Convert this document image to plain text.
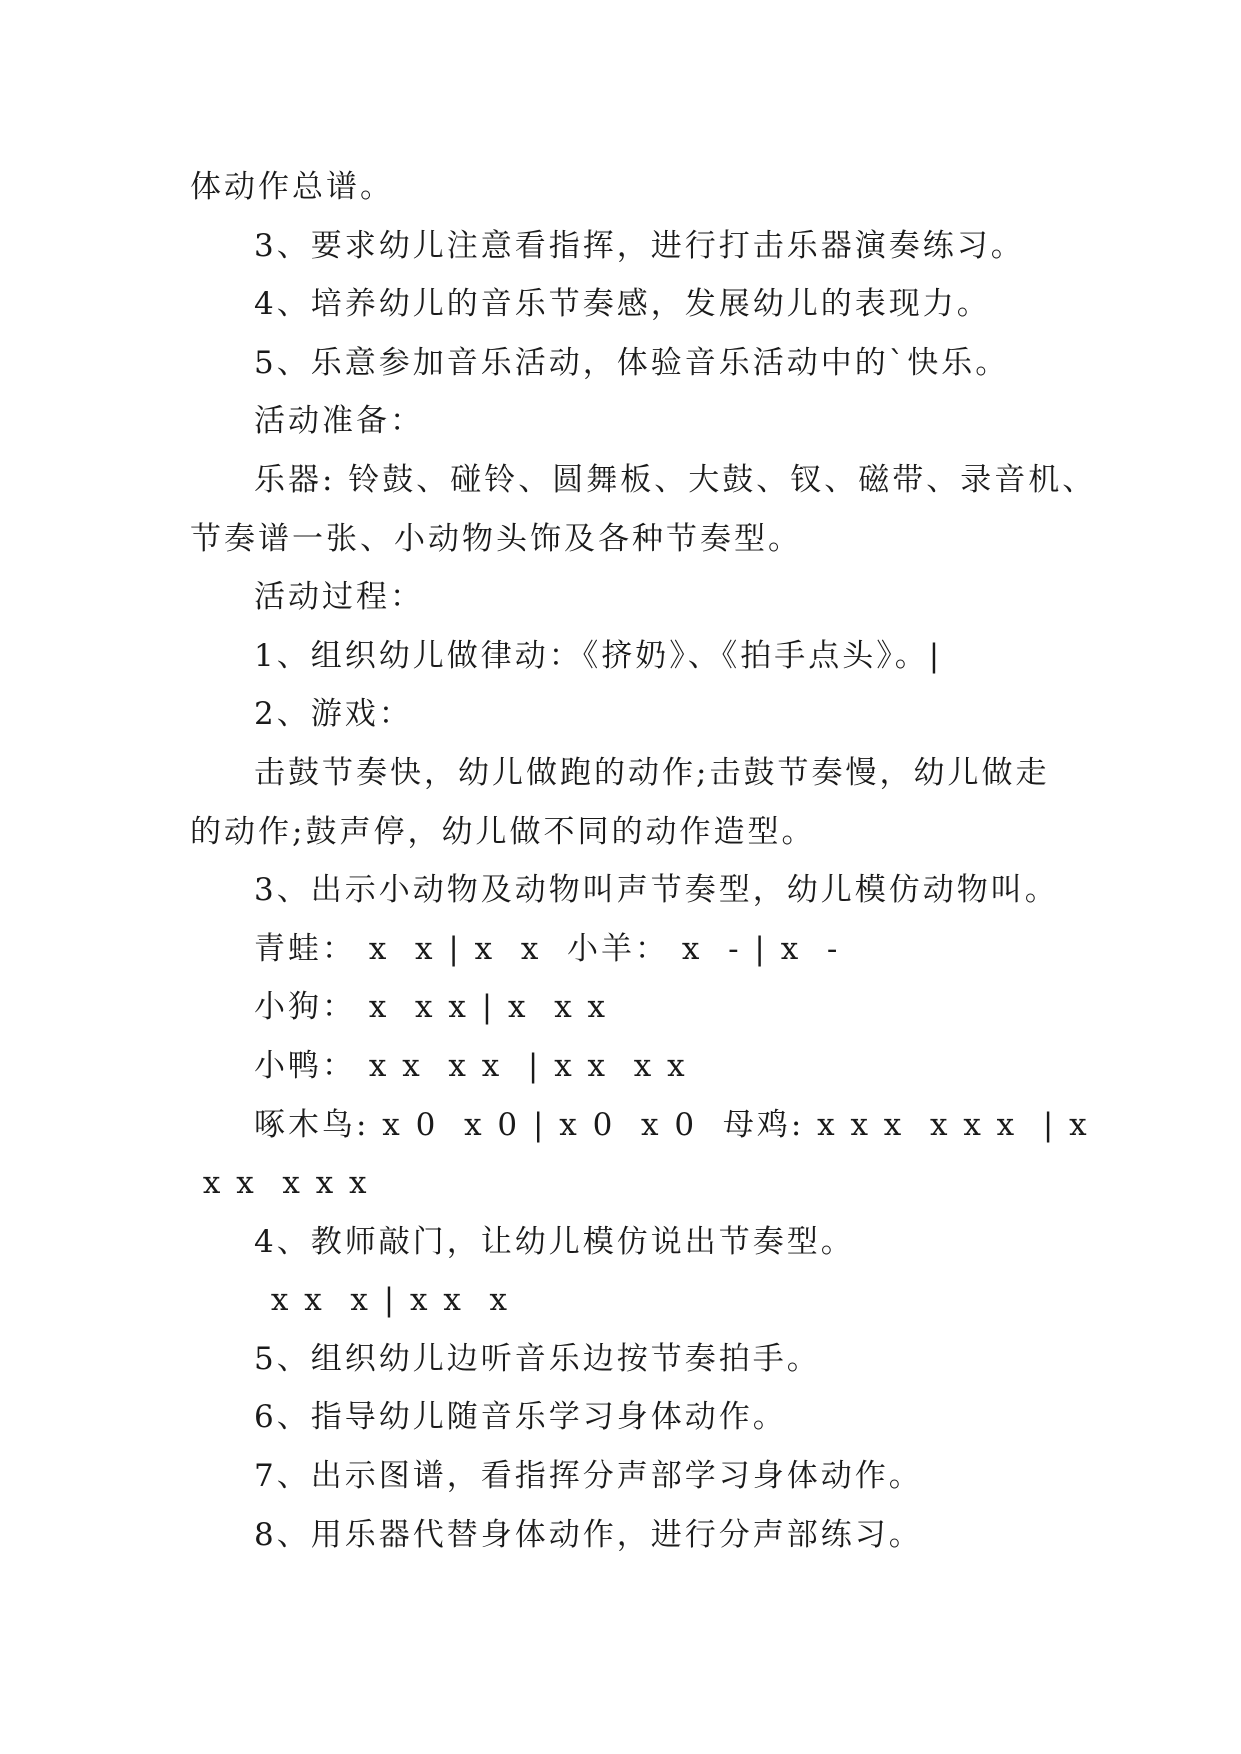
体动作总谱。
3、要求幼儿注意看指挥，进行打击乐器演奏练习。
4、培养幼儿的音乐节奏感，发展幼儿的表现力。
5、乐意参加音乐活动，体验音乐活动中的`快乐。
活动准备：
乐器: 铃鼓、碰铃、圆舞板、大鼓、钗、磁带、录音机、
节奏谱一张、小动物头饰及各种节奏型。
活动过程：
1、组织幼儿做律动：《挤奶》、《拍手点头》。|
2、游戏：
击鼓节奏快，幼儿做跑的动作;击鼓节奏慢，幼儿做走
的动作;鼓声停，幼儿做不同的动作造型。
3、出示小动物及动物叫声节奏型，幼儿模仿动物叫。
青蛙： x  x | x  x  小羊： x  - | x  -
小狗： x  x x | x  x x
小鸭： x x  x x  | x x  x x
啄木鸟: x 0  x 0 | x 0  x 0  母鸡: x x x  x x x  | x
x x  x x x
4、教师敲门，让幼儿模仿说出节奏型。
x x  x | x x  x
5、组织幼儿边听音乐边按节奏拍手。
6、指导幼儿随音乐学习身体动作。
7、出示图谱，看指挥分声部学习身体动作。
8、用乐器代替身体动作，进行分声部练习。
